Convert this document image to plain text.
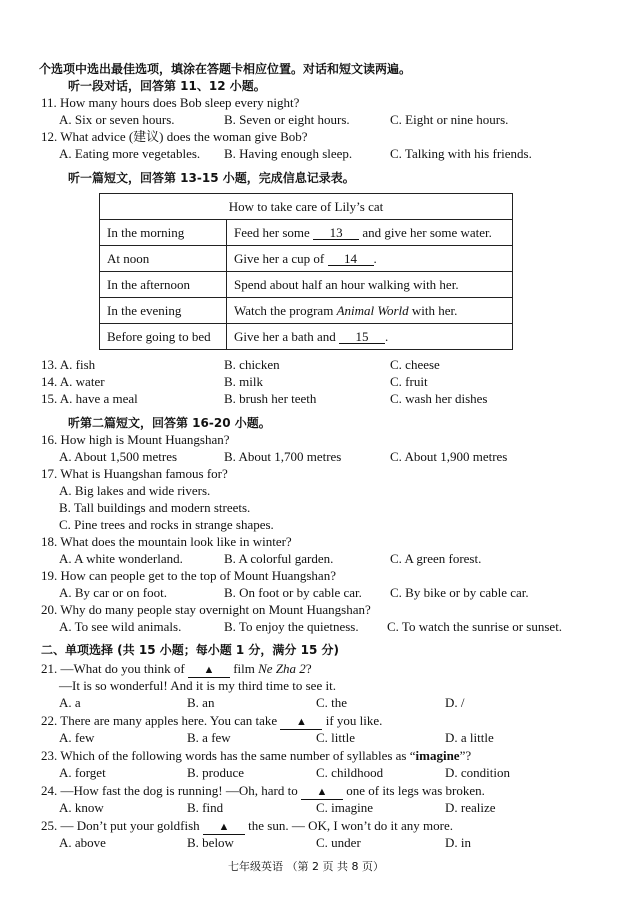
个选项中选出最佳选项，填涂在答题卡相应位置。对话和短文读两遍。
听一段对话，回答第 11、12 小题。
11. How many hours does Bob sleep every night?
A. Six or seven hours.	B. Seven or eight hours.	C. Eight or nine hours.
12. What advice (建议) does the woman give Bob?
A. Eating more vegetables. B. Having enough sleep.	C. Talking with his friends.
听一篇短文，回答第 13-15 小题，完成信息记录表。
How to take care of Lily’s cat	
In the morning	Feed her some 13 and give her some water.
At noon	Give her a cup of 14 .
In the afternoon	Spend about half an hour walking with her.
In the evening	Watch the program Animal World with her.
Before going to bed	Give her a bath and 15 .
13. A. fish	B. chicken	C. cheese
14. A. water	B. milk	C. fruit
15. A. have a meal	B. brush her teeth	C. wash her dishes
听第二篇短文，回答第 16-20 小题。
16. How high is Mount Huangshan?
A. About 1,500 metres	B. About 1,700 metres	C. About 1,900 metres
17. What is Huangshan famous for?
A. Big lakes and wide rivers.
B. Tall buildings and modern streets.
C. Pine trees and rocks in strange shapes.
18. What does the mountain look like in winter?
A. A white wonderland.	B. A colorful garden.	C. A green forest.
19. How can people get to the top of Mount Huangshan?
A. By car or on foot.	B. On foot or by cable car. C. By bike or by cable car.
20. Why do many people stay overnight on Mount Huangshan?
A. To see wild animals.	B. To enjoy the quietness. C. To watch the sunrise or sunset.
二、单项选择 (共 15 小题；每小题 1 分，满分 15 分)
21. —What do you think of ▲ film Ne Zha 2?
—It is so wonderful! And it is my third time to see it.
A. a	B. an	C. the	D. /
22. There are many apples here. You can take ▲ if you like.
A. few	B. a few	C. little	D. a little
23. Which of the following words has the same number of syllables as “imagine”?
A. forget	B. produce	C. childhood	D. condition
24. —How fast the dog is running! —Oh, hard to ▲ one of its legs was broken.
A. know	B. find	C. imagine	D. realize
25. — Don’t put your goldfish ▲ the sun. — OK, I won’t do it any more.
A. above	B. below	C. under	D. in
七年级英语 （第 2 页 共 8 页）
